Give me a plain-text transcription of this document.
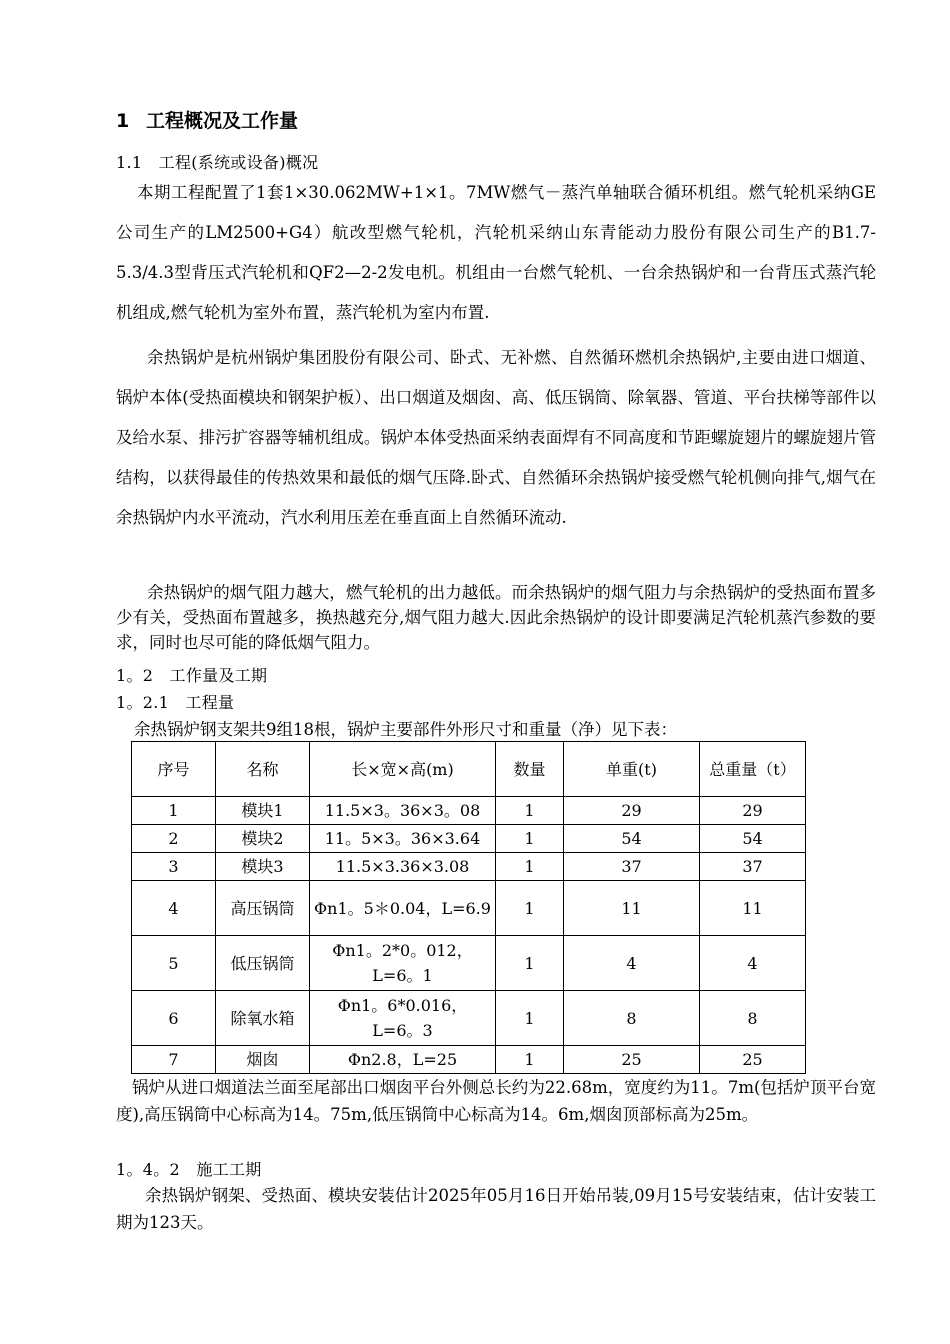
1 工程概况及工作量
1.1　工程(系统或设备)概况
本期工程配置了1套1×30.062MW+1×1。7MW燃气－蒸汽单轴联合循环机组。燃气轮机采纳GE公司生产的LM2500+G4）航改型燃气轮机，汽轮机采纳山东青能动力股份有限公司生产的B1.7-5.3/4.3型背压式汽轮机和QF2—2-2发电机。机组由一台燃气轮机、一台余热锅炉和一台背压式蒸汽轮机组成,燃气轮机为室外布置，蒸汽轮机为室内布置.
余热锅炉是杭州锅炉集团股份有限公司、卧式、无补燃、自然循环燃机余热锅炉,主要由进口烟道、锅炉本体(受热面模块和钢架护板）、出口烟道及烟囱、高、低压锅筒、除氧器、管道、平台扶梯等部件以及给水泵、排污扩容器等辅机组成。锅炉本体受热面采纳表面焊有不同高度和节距螺旋翅片的螺旋翅片管结构，以获得最佳的传热效果和最低的烟气压降.卧式、自然循环余热锅炉接受燃气轮机侧向排气,烟气在余热锅炉内水平流动，汽水利用压差在垂直面上自然循环流动.
余热锅炉的烟气阻力越大，燃气轮机的出力越低。而余热锅炉的烟气阻力与余热锅炉的受热面布置多少有关，受热面布置越多，换热越充分,烟气阻力越大.因此余热锅炉的设计即要满足汽轮机蒸汽参数的要求，同时也尽可能的降低烟气阻力。
1。2　工作量及工期
1。2.1　工程量
余热锅炉钢支架共9组18根，锅炉主要部件外形尺寸和重量（净）见下表：
序号	名称	长×宽×高(m)	数量	单重(t)	总重量（t）
1	模块1	11.5×3。36×3。08	1	29	29
2	模块2	11。5×3。36×3.64	1	54	54
3	模块3	11.5×3.36×3.08	1	37	37
4	高压锅筒	Φn1。5＊0.04，L=6.9	1	11	11
5	低压锅筒	Φn1。2*0。012，L=6。1	1	4	4
6	除氧水箱	Φn1。6*0.016，L=6。3	1	8	8
7	烟囱	Φn2.8，L=25	1	25	25
锅炉从进口烟道法兰面至尾部出口烟囱平台外侧总长约为22.68m，宽度约为11。7m(包括炉顶平台宽度),高压锅筒中心标高为14。75m,低压锅筒中心标高为14。6m,烟囱顶部标高为25m。
1。4。2　施工工期
余热锅炉钢架、受热面、模块安装估计2025年05月16日开始吊装,09月15号安装结束，估计安装工期为123天。
